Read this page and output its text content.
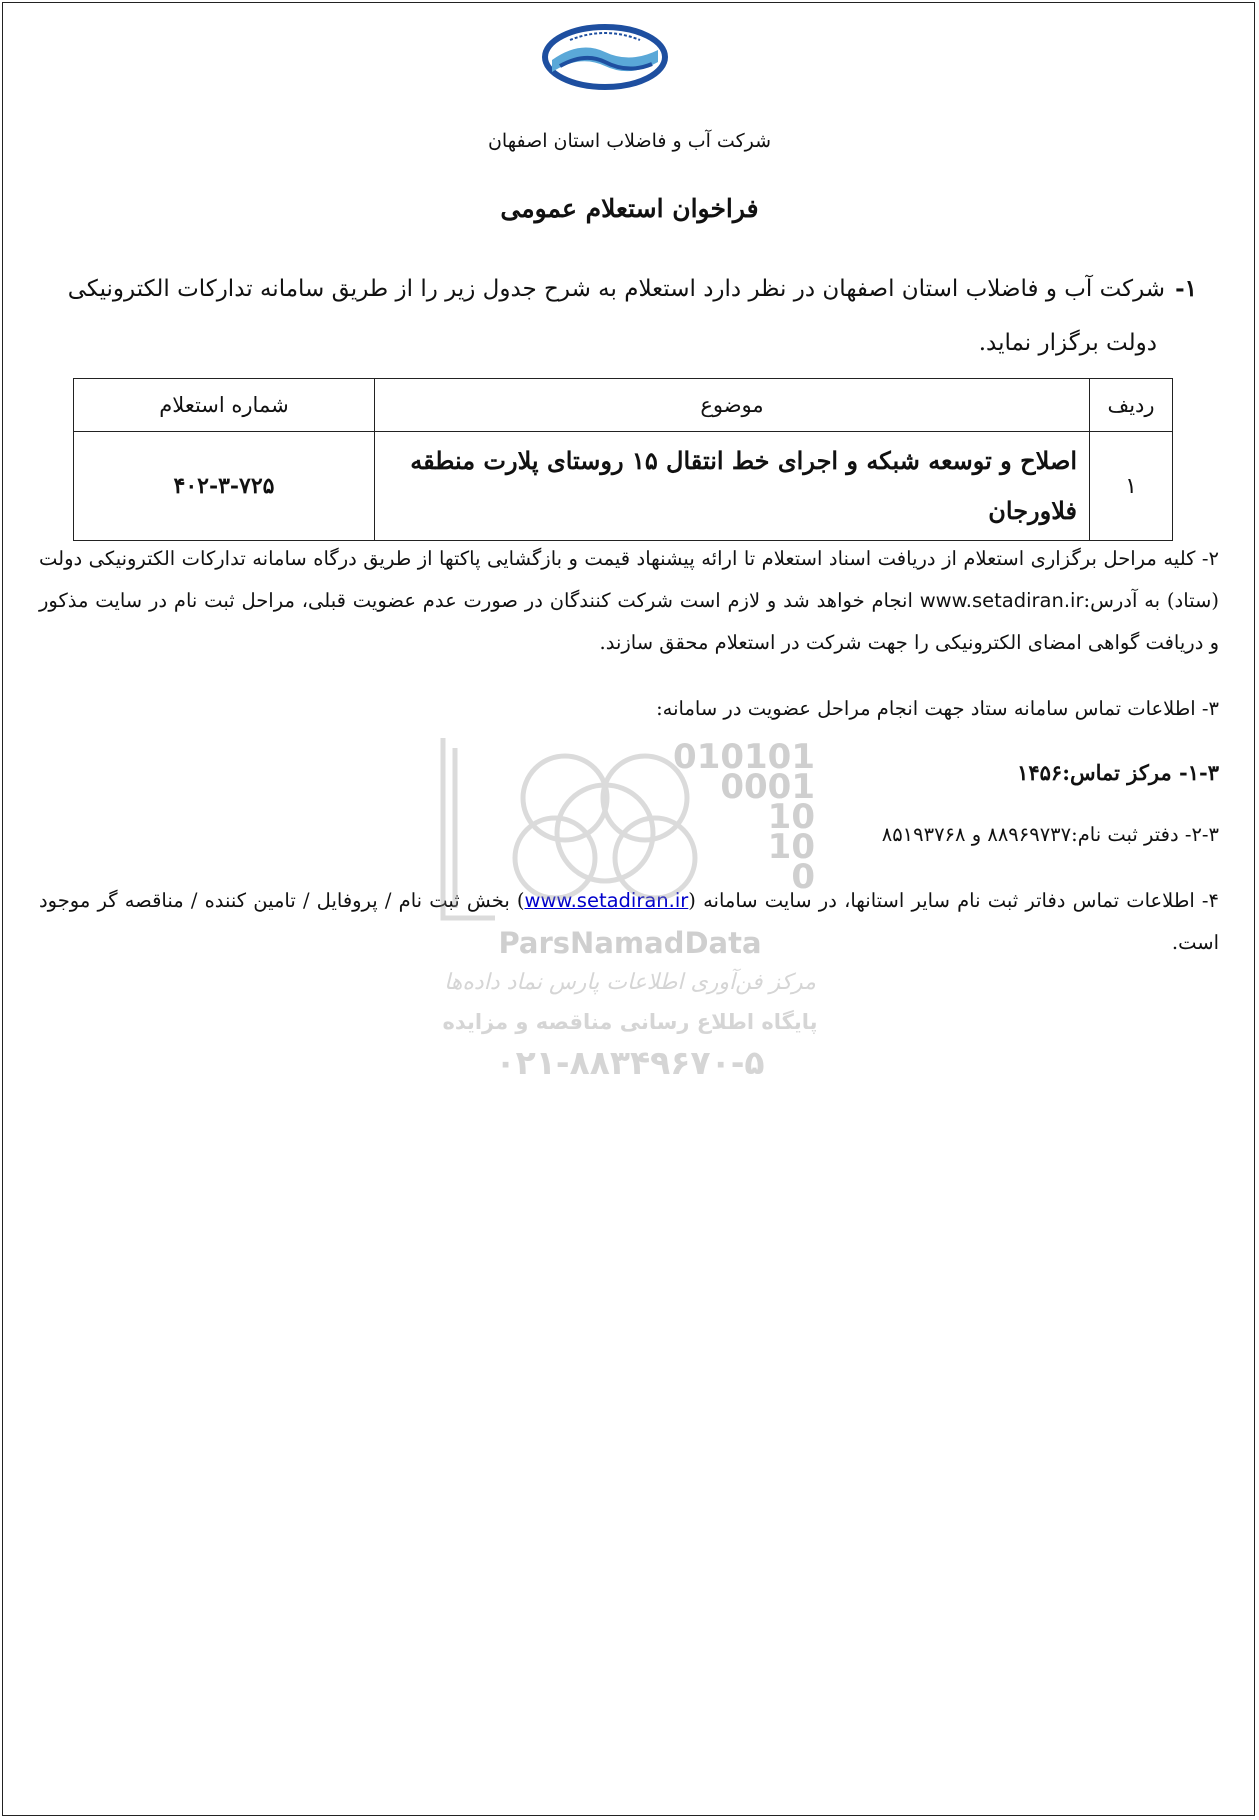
شرکت آب و فاضلاب استان اصفهان
فراخوان استعلام عمومی
۱-شرکت آب و فاضلاب استان اصفهان در نظر دارد استعلام به شرح جدول زیر را از طریق سامانه تدارکات الکترونیکی
دولت برگزار نماید.
ردیف	موضوع	شماره استعلام
۱	اصلاح و توسعه شبکه و اجرای خط انتقال ۱۵ روستای پلارت منطقه فلاورجان	۴۰۲-۳-۷۲۵
۲- کلیه مراحل برگزاری استعلام از دریافت اسناد استعلام تا ارائه پیشنهاد قیمت و بازگشایی پاکتها از طریق درگاه سامانه تدارکات الکترونیکی دولت (ستاد) به آدرس:www.setadiran.ir انجام خواهد شد و لازم است شرکت کنندگان در صورت عدم عضویت قبلی، مراحل ثبت نام در سایت مذکور و دریافت گواهی امضای الکترونیکی را جهت شرکت در استعلام محقق سازند.
۳- اطلاعات تماس سامانه ستاد جهت انجام مراحل عضویت در سامانه:
۱-۳- مرکز تماس:۱۴۵۶
۲-۳- دفتر ثبت نام:۸۸۹۶۹۷۳۷ و ۸۵۱۹۳۷۶۸
۴- اطلاعات تماس دفاتر ثبت نام سایر استانها، در سایت سامانه (www.setadiran.ir) بخش ثبت نام / پروفایل / تامین کننده / مناقصه گر موجود است.
010101
0001
10
10
0
ParsNamadData
مرکز فن‌آوری اطلاعات پارس نماد داده‌ها
پایگاه اطلاع رسانی مناقصه و مزایده
۰۲۱-۸۸۳۴۹۶۷۰-۵
